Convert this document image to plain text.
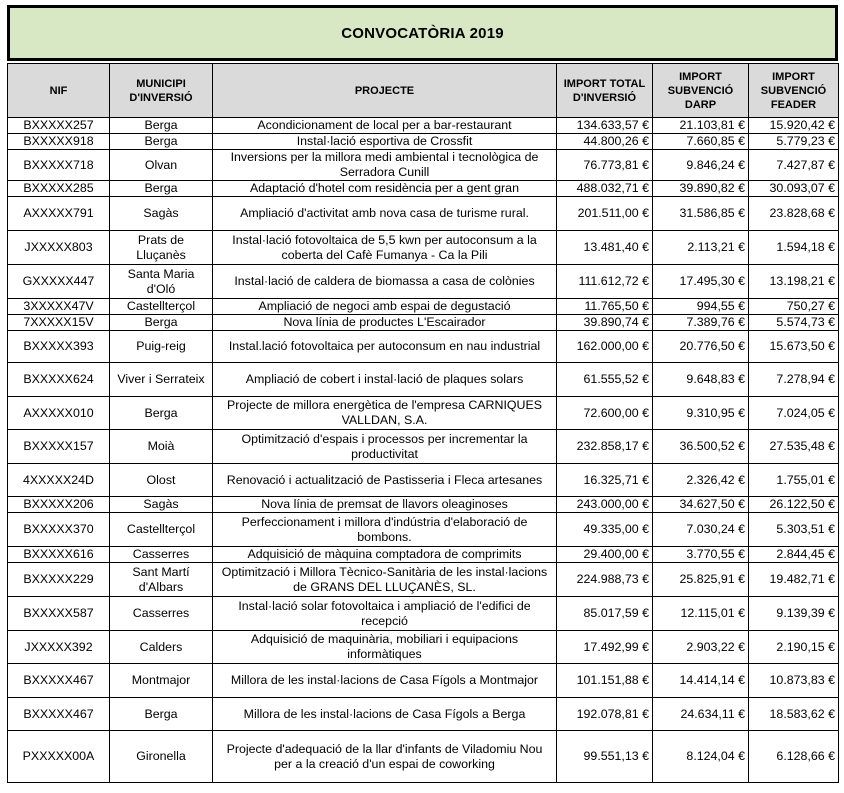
CONVOCATÒRIA 2019
NIF	MUNICIPI D'INVERSIÓ	PROJECTE	IMPORT TOTAL D'INVERSIÓ	IMPORT SUBVENCIÓ DARP	IMPORT SUBVENCIÓ FEADER
BXXXXX257	Berga	Acondicionament de local per a bar-restaurant	134.633,57 €	21.103,81 €	15.920,42 €
BXXXXX918	Berga	Instal·lació esportiva de Crossfit	44.800,26 €	7.660,85 €	5.779,23 €
BXXXXX718	Olvan	Inversions per la millora medi ambiental i tecnològica de Serradora Cunill	76.773,81 €	9.846,24 €	7.427,87 €
BXXXXX285	Berga	Adaptació d'hotel com residència per a gent gran	488.032,71 €	39.890,82 €	30.093,07 €
AXXXXX791	Sagàs	Ampliació d'activitat amb nova casa de turisme rural.	201.511,00 €	31.586,85 €	23.828,68 €
JXXXXX803	Prats de Lluçanès	Instal·lació fotovoltaica de 5,5 kwn per autoconsum a la coberta del Cafè Fumanya - Ca la Pili	13.481,40 €	2.113,21 €	1.594,18 €
GXXXXX447	Santa Maria d'Oló	Instal·lació de caldera de biomassa a casa de colònies	111.612,72 €	17.495,30 €	13.198,21 €
3XXXXX47V	Castellterçol	Ampliació de negoci amb espai de degustació	11.765,50 €	994,55 €	750,27 €
7XXXXX15V	Berga	Nova línia de productes L'Escairador	39.890,74 €	7.389,76 €	5.574,73 €
BXXXXX393	Puig-reig	Instal.lació fotovoltaica per autoconsum en nau industrial	162.000,00 €	20.776,50 €	15.673,50 €
BXXXXX624	Viver i Serrateix	Ampliació de cobert i instal·lació de plaques solars	61.555,52 €	9.648,83 €	7.278,94 €
AXXXXX010	Berga	Projecte de millora energètica de l'empresa CARNIQUES VALLDAN, S.A.	72.600,00 €	9.310,95 €	7.024,05 €
BXXXXX157	Moià	Optimització d'espais i processos per incrementar la productivitat	232.858,17 €	36.500,52 €	27.535,48 €
4XXXXX24D	Olost	Renovació i actualització de Pastisseria i Fleca artesanes	16.325,71 €	2.326,42 €	1.755,01 €
BXXXXX206	Sagàs	Nova línia de premsat de llavors oleaginoses	243.000,00 €	34.627,50 €	26.122,50 €
BXXXXX370	Castellterçol	Perfeccionament i millora d'indústria d'elaboració de bombons.	49.335,00 €	7.030,24 €	5.303,51 €
BXXXXX616	Casserres	Adquisició de màquina comptadora de comprimits	29.400,00 €	3.770,55 €	2.844,45 €
BXXXXX229	Sant Martí d'Albars	Optimització i Millora Tècnico-Sanitària de les instal·lacions de GRANS DEL LLUÇANÈS, SL.	224.988,73 €	25.825,91 €	19.482,71 €
BXXXXX587	Casserres	Instal·lació solar fotovoltaica i ampliació de l'edifici de recepció	85.017,59 €	12.115,01 €	9.139,39 €
JXXXXX392	Calders	Adquisició de maquinària, mobiliari i equipacions informàtiques	17.492,99 €	2.903,22 €	2.190,15 €
BXXXXX467	Montmajor	Millora de les instal·lacions de Casa Fígols a Montmajor	101.151,88 €	14.414,14 €	10.873,83 €
BXXXXX467	Berga	Millora de les instal·lacions de Casa Fígols a Berga	192.078,81 €	24.634,11 €	18.583,62 €
PXXXXX00A	Gironella	Projecte d'adequació de la llar d'infants de Viladomiu Nou per a la creació d'un espai de coworking	99.551,13 €	8.124,04 €	6.128,66 €
